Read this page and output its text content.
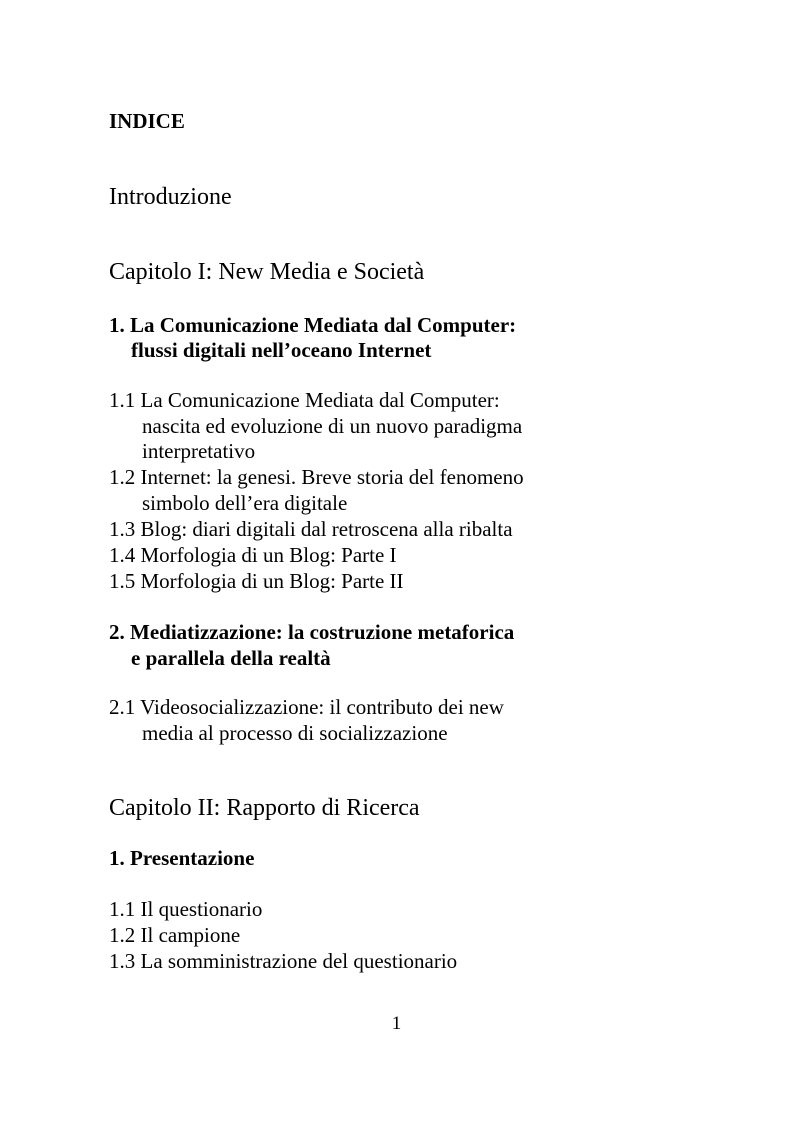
INDICE
Introduzione
Capitolo I: New Media e Società
1. La Comunicazione Mediata dal Computer:
flussi digitali nell’oceano Internet
1.1 La Comunicazione Mediata dal Computer:
nascita ed evoluzione di un nuovo paradigma
interpretativo
1.2 Internet: la genesi. Breve storia del fenomeno
simbolo dell’era digitale
1.3 Blog: diari digitali dal retroscena alla ribalta
1.4 Morfologia di un Blog: Parte I
1.5 Morfologia di un Blog: Parte II
2. Mediatizzazione: la costruzione metaforica
e parallela della realtà
2.1 Videosocializzazione: il contributo dei new
media al processo di socializzazione
Capitolo II: Rapporto di Ricerca
1. Presentazione
1.1 Il questionario
1.2 Il campione
1.3 La somministrazione del questionario
1
